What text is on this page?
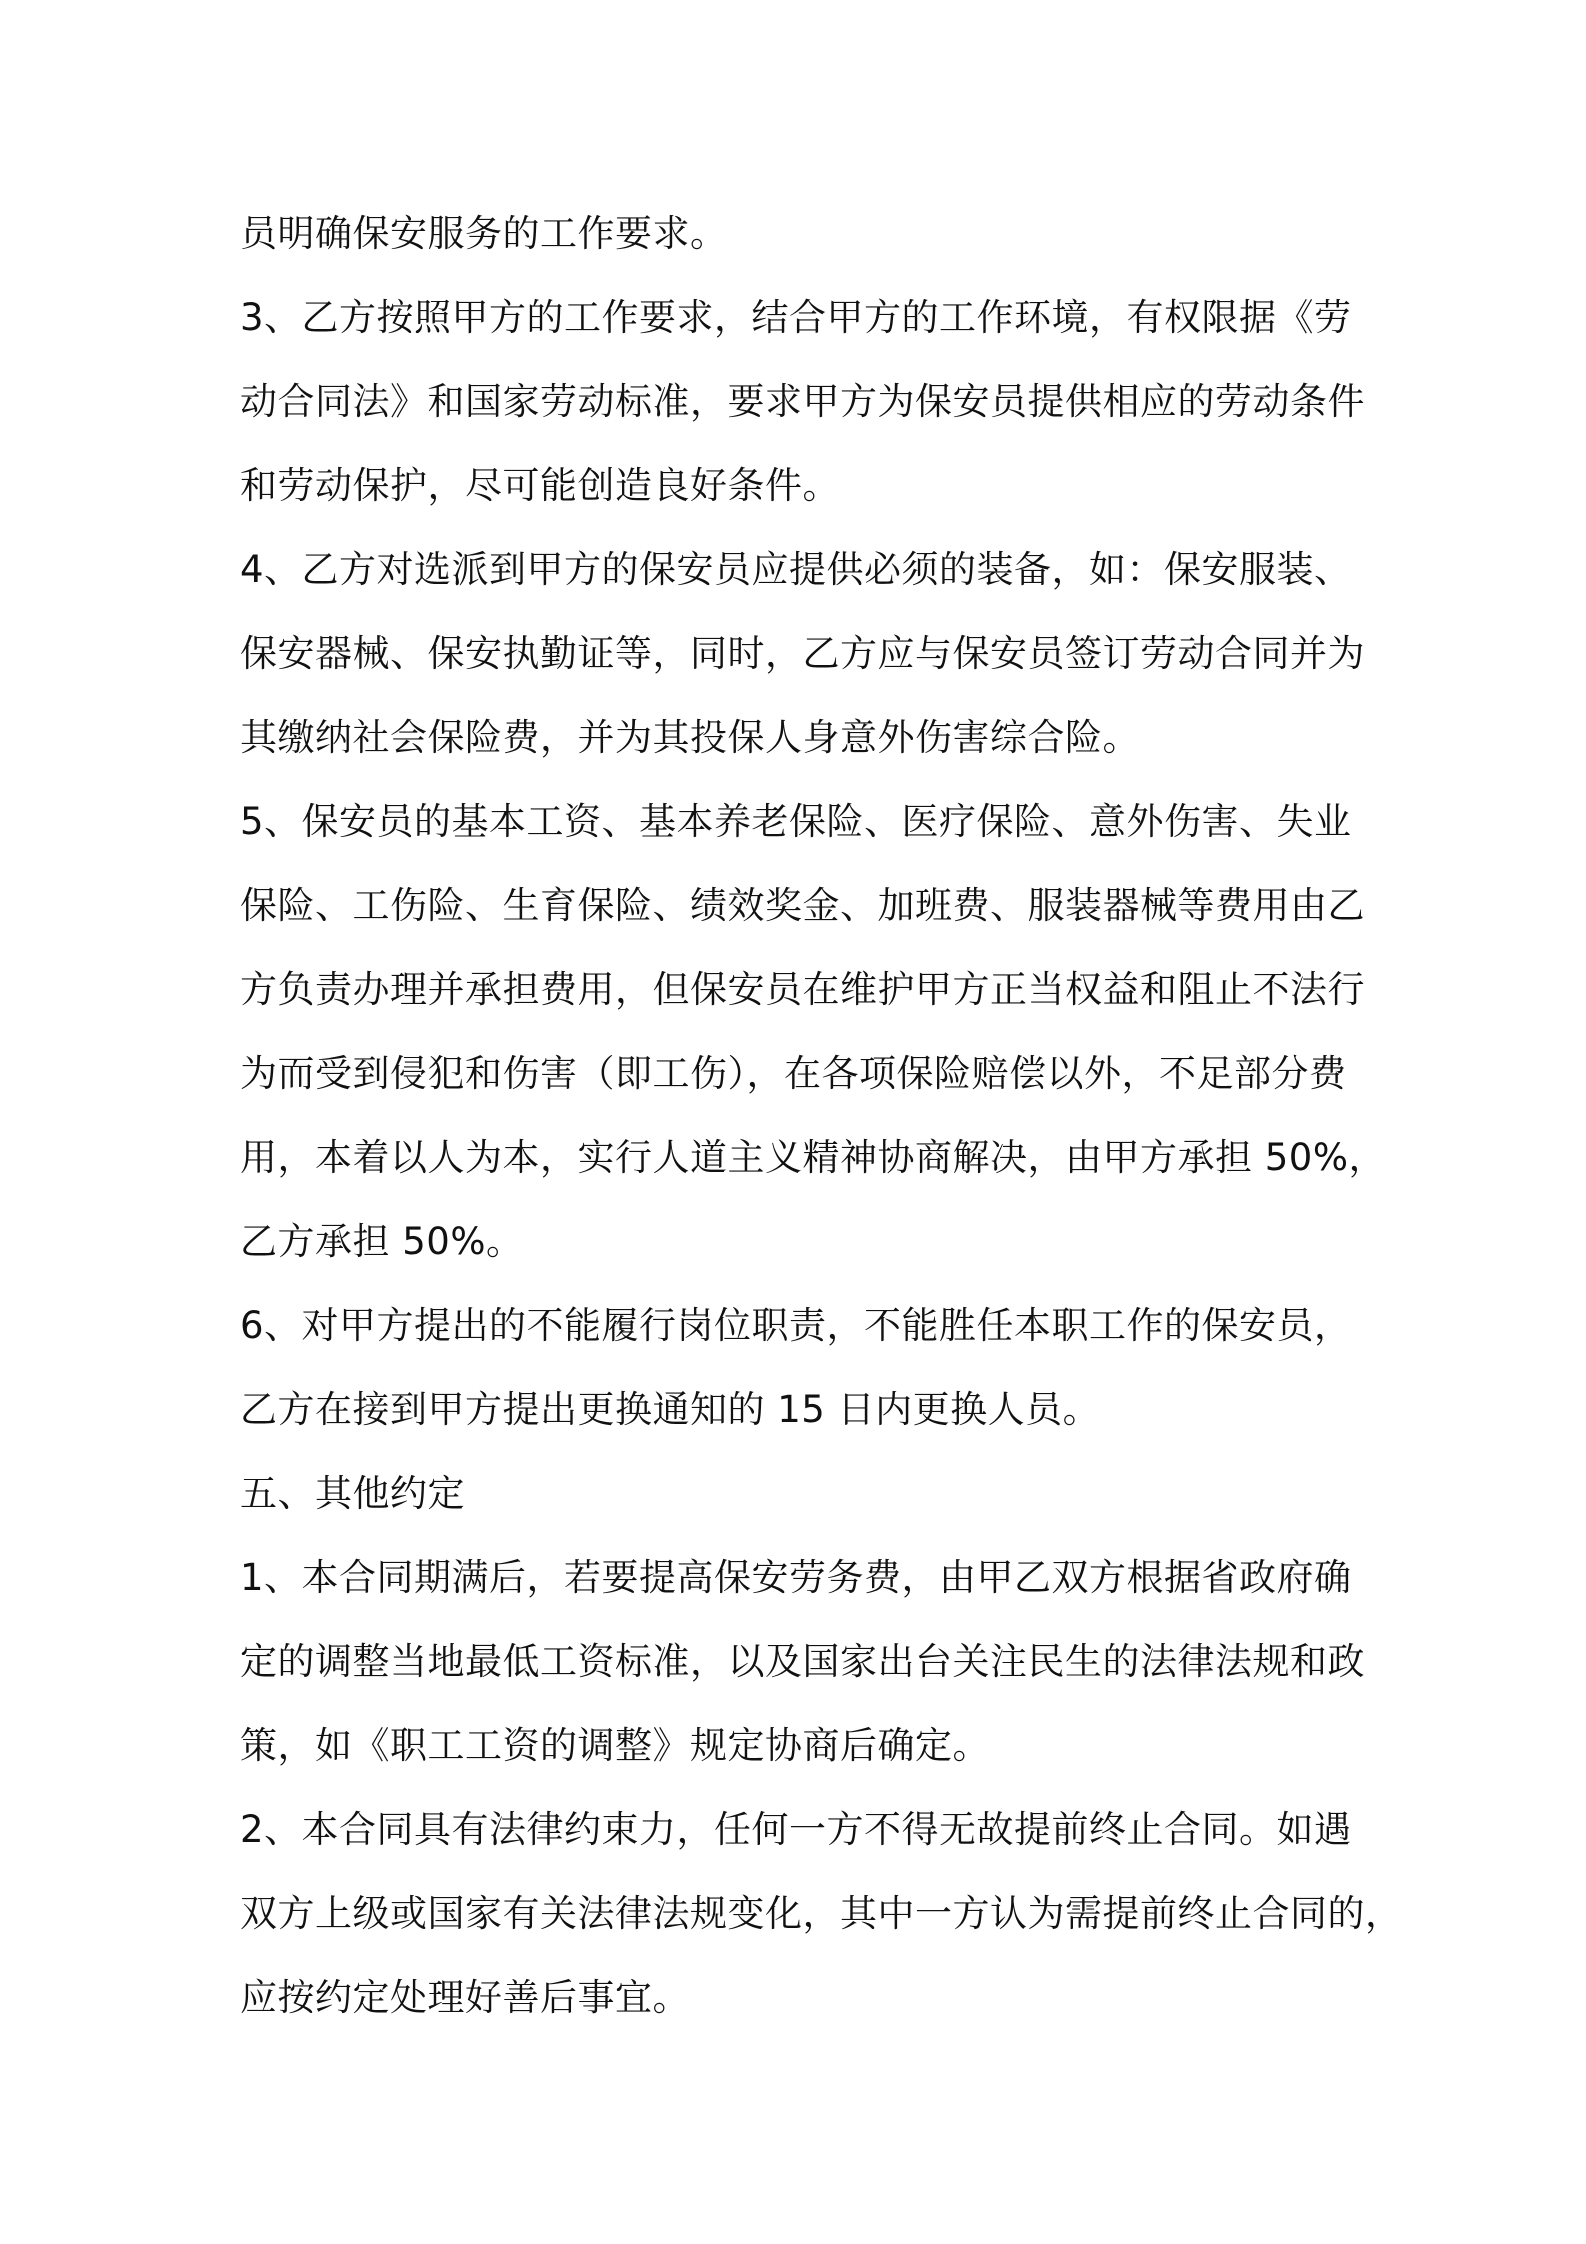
员明确保安服务的工作要求。

3、乙方按照甲方的工作要求，结合甲方的工作环境，有权限据《劳

动合同法》和国家劳动标准，要求甲方为保安员提供相应的劳动条件

和劳动保护，尽可能创造良好条件。

4、乙方对选派到甲方的保安员应提供必须的装备，如：保安服装、

保安器械、保安执勤证等，同时，乙方应与保安员签订劳动合同并为

其缴纳社会保险费，并为其投保人身意外伤害综合险。

5、保安员的基本工资、基本养老保险、医疗保险、意外伤害、失业

保险、工伤险、生育保险、绩效奖金、加班费、服装器械等费用由乙

方负责办理并承担费用，但保安员在维护甲方正当权益和阻止不法行

为而受到侵犯和伤害（即工伤），在各项保险赔偿以外，不足部分费

用，本着以人为本，实行人道主义精神协商解决，由甲方承担 50%，

乙方承担 50%。

6、对甲方提出的不能履行岗位职责，不能胜任本职工作的保安员，

乙方在接到甲方提出更换通知的 15 日内更换人员。

五、其他约定

1、本合同期满后，若要提高保安劳务费，由甲乙双方根据省政府确

定的调整当地最低工资标准，以及国家出台关注民生的法律法规和政

策，如《职工工资的调整》规定协商后确定。

2、本合同具有法律约束力，任何一方不得无故提前终止合同。如遇

双方上级或国家有关法律法规变化，其中一方认为需提前终止合同的，

应按约定处理好善后事宜。
